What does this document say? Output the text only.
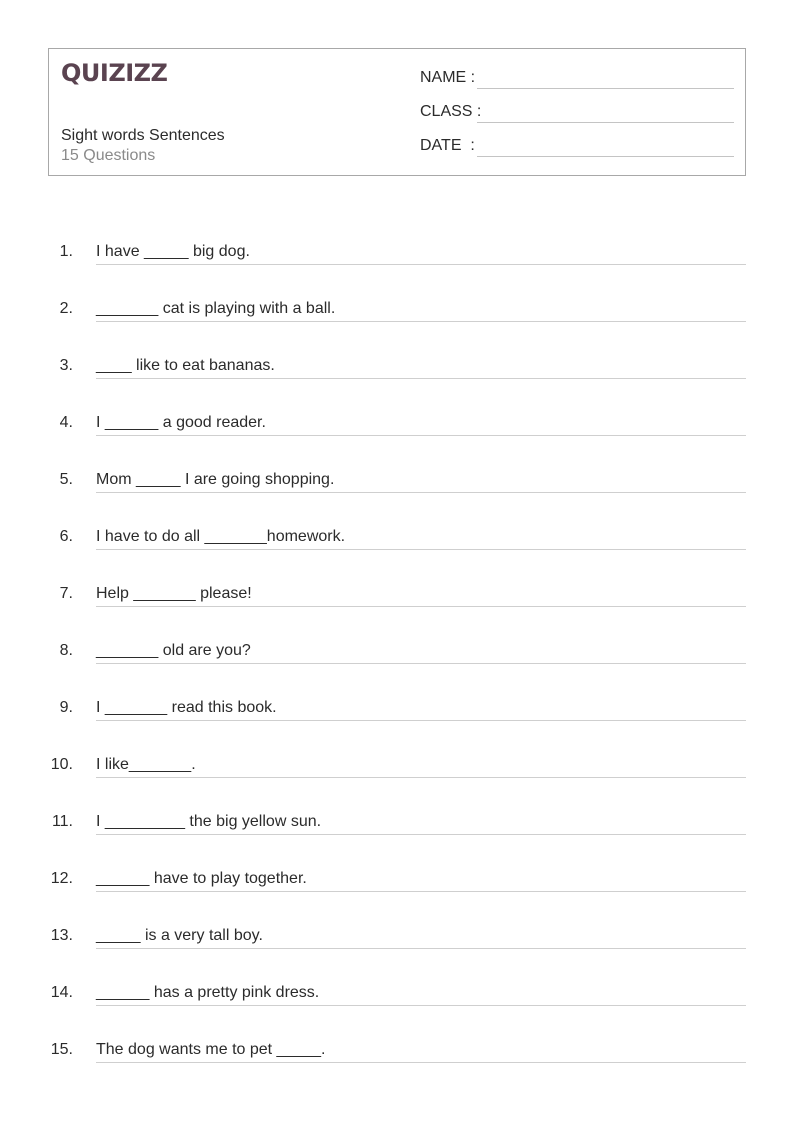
QUIZIZZ
Sight words Sentences
15 Questions
NAME :
CLASS :
DATE  :
1. I have _____ big dog.
2. _______ cat is playing with a ball.
3. ____ like to eat bananas.
4. I ______ a good reader.
5. Mom _____ I are going shopping.
6. I have to do all _______homework.
7. Help _______ please!
8. _______ old are you?
9. I _______ read this book.
10. I like_______.
11. I _________ the big yellow sun.
12. ______ have to play together.
13. _____ is a very tall boy.
14. ______ has a pretty pink dress.
15. The dog wants me to pet _____.
